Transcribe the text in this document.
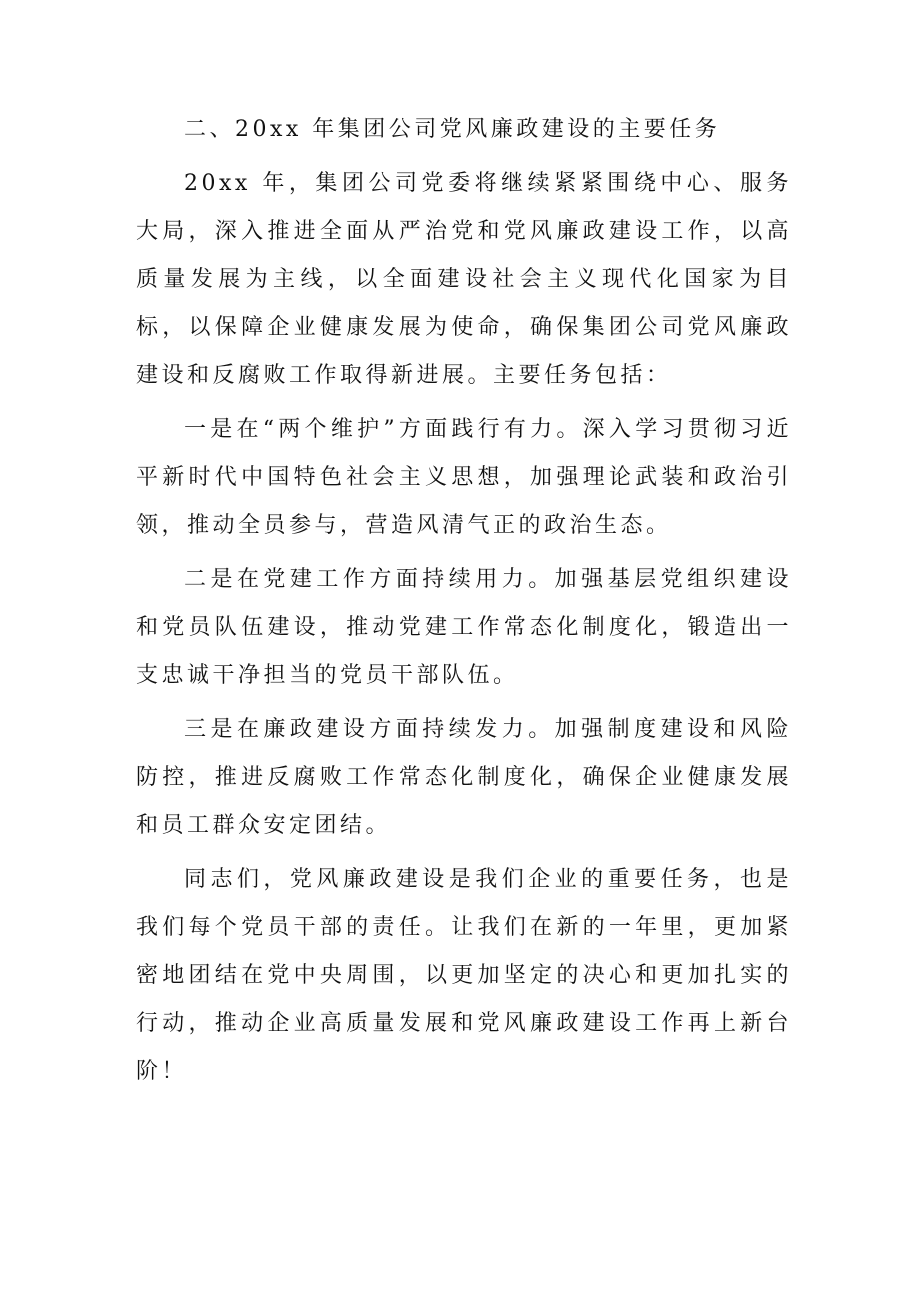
二、20xx 年集团公司党风廉政建设的主要任务

20xx 年，集团公司党委将继续紧紧围绕中心、服务大局，深入推进全面从严治党和党风廉政建设工作，以高质量发展为主线，以全面建设社会主义现代化国家为目标，以保障企业健康发展为使命，确保集团公司党风廉政建设和反腐败工作取得新进展。主要任务包括：

一是在“两个维护”方面践行有力。深入学习贯彻习近平新时代中国特色社会主义思想，加强理论武装和政治引领，推动全员参与，营造风清气正的政治生态。

二是在党建工作方面持续用力。加强基层党组织建设和党员队伍建设，推动党建工作常态化制度化，锻造出一支忠诚干净担当的党员干部队伍。

三是在廉政建设方面持续发力。加强制度建设和风险防控，推进反腐败工作常态化制度化，确保企业健康发展和员工群众安定团结。

同志们，党风廉政建设是我们企业的重要任务，也是我们每个党员干部的责任。让我们在新的一年里，更加紧密地团结在党中央周围，以更加坚定的决心和更加扎实的行动，推动企业高质量发展和党风廉政建设工作再上新台阶！
